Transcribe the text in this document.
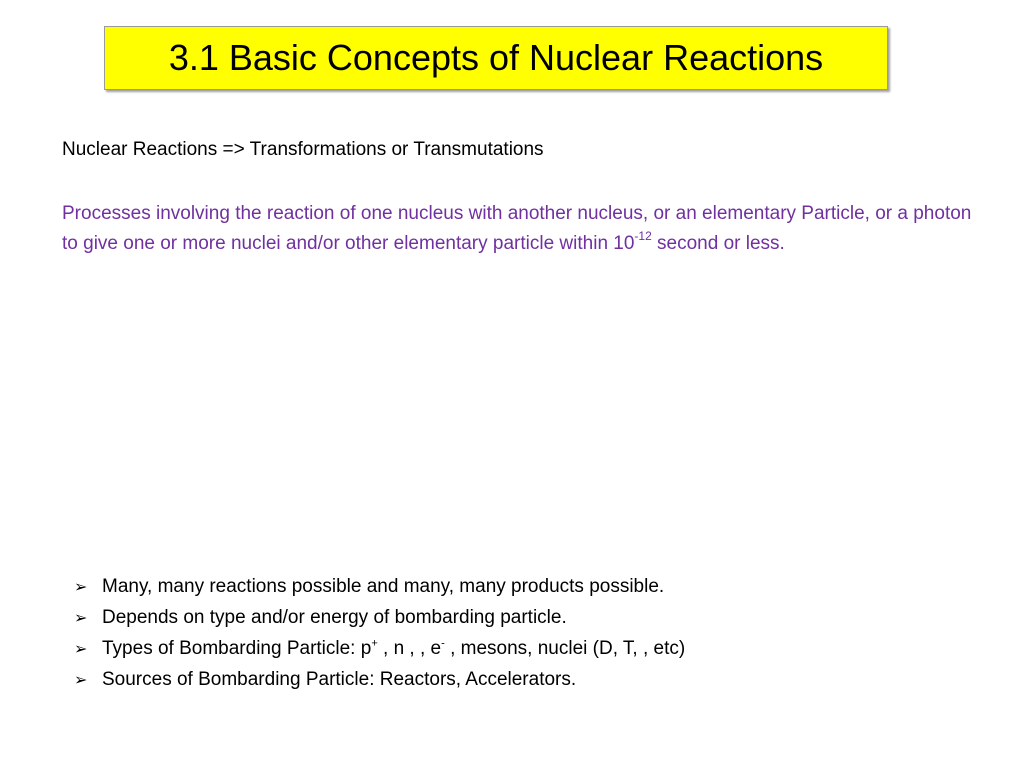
3.1 Basic Concepts of Nuclear Reactions
Nuclear Reactions => Transformations or Transmutations
Processes involving the reaction of one nucleus with another nucleus, or an elementary Particle, or a photon to give one or more nuclei and/or other elementary particle within $10^{-12}$ second or less.
➢ Many, many reactions possible and many, many products possible.
➢ Depends on type and/or energy of bombarding particle.
➢ Types of Bombarding Particle: p+ , n , , e- , mesons, nuclei (D, T, , etc)
➢ Sources of Bombarding Particle: Reactors, Accelerators.
